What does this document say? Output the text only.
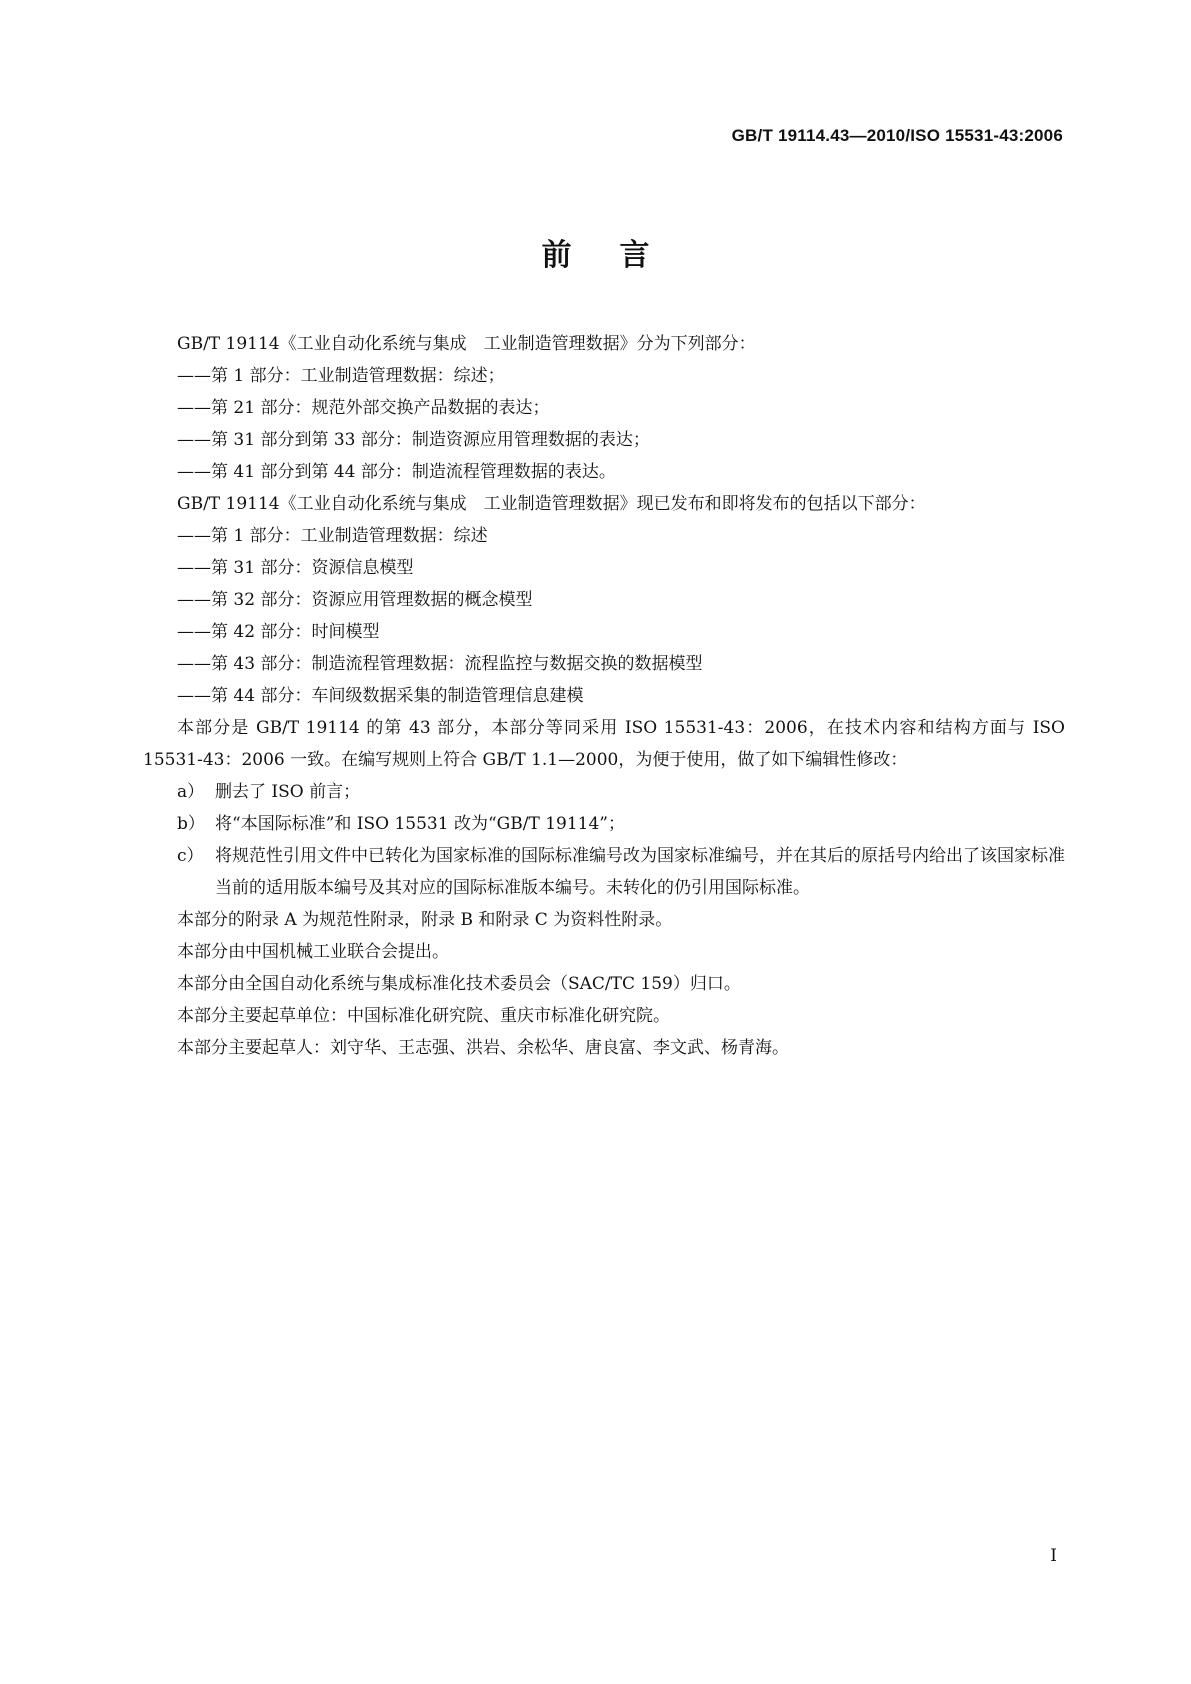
GB/T 19114.43—2010/ISO 15531-43:2006
前言

GB/T 19114《工业自动化系统与集成　工业制造管理数据》分为下列部分：

——第 1 部分：工业制造管理数据：综述；

——第 21 部分：规范外部交换产品数据的表达；

——第 31 部分到第 33 部分：制造资源应用管理数据的表达；

——第 41 部分到第 44 部分：制造流程管理数据的表达。

GB/T 19114《工业自动化系统与集成　工业制造管理数据》现已发布和即将发布的包括以下部分：

——第 1 部分：工业制造管理数据：综述

——第 31 部分：资源信息模型

——第 32 部分：资源应用管理数据的概念模型

——第 42 部分：时间模型

——第 43 部分：制造流程管理数据：流程监控与数据交换的数据模型

——第 44 部分：车间级数据采集的制造管理信息建模

本部分是 GB/T 19114 的第 43 部分，本部分等同采用 ISO 15531-43：2006，在技术内容和结构方面与 ISO 15531-43：2006 一致。在编写规则上符合 GB/T 1.1—2000，为便于使用，做了如下编辑性修改：

a） 删去了 ISO 前言；
b） 将“本国际标准”和 ISO 15531 改为“GB/T 19114”；
c） 将规范性引用文件中已转化为国家标准的国际标准编号改为国家标准编号，并在其后的原括号内给出了该国家标准当前的适用版本编号及其对应的国际标准版本编号。未转化的仍引用国际标准。

本部分的附录 A 为规范性附录，附录 B 和附录 C 为资料性附录。

本部分由中国机械工业联合会提出。

本部分由全国自动化系统与集成标准化技术委员会（SAC/TC 159）归口。

本部分主要起草单位：中国标准化研究院、重庆市标准化研究院。

本部分主要起草人：刘守华、王志强、洪岩、余松华、唐良富、李文武、杨青海。

I
